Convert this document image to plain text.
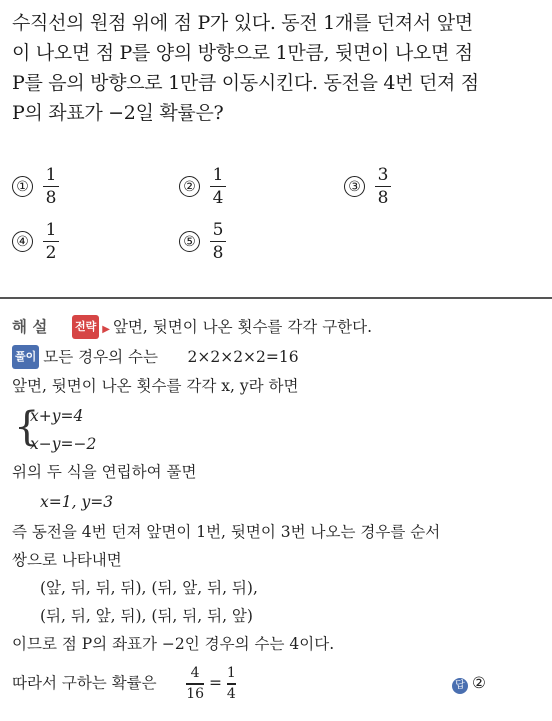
수직선의 원점 위에 점 P가 있다. 동전 1개를 던져서 앞면
이 나오면 점 P를 양의 방향으로 1만큼, 뒷면이 나오면 점
P를 음의 방향으로 1만큼 이동시킨다. 동전을 4번 던져 점
P의 좌표가 −2일 확률은?
① $\frac{1}{8}$	② $\frac{1}{4}$	③ $\frac{3}{8}$
④ $\frac{1}{2}$	⑤ $\frac{5}{8}$
해 설	전략 ▶ 앞면, 뒷면이 나온 횟수를 각각 구한다.
풀이 모든 경우의 수는 2×2×2×2=16
앞면, 뒷면이 나온 횟수를 각각 x, y라 하면
{
x+y=4
x−y=−2
위의 두 식을 연립하여 풀면
x=1, y=3
즉 동전을 4번 던져 앞면이 1번, 뒷면이 3번 나오는 경우를 순서
쌍으로 나타내면
(앞, 뒤, 뒤, 뒤), (뒤, 앞, 뒤, 뒤),
(뒤, 뒤, 앞, 뒤), (뒤, 뒤, 뒤, 앞)
이므로 점 P의 좌표가 −2인 경우의 수는 4이다.
따라서 구하는 확률은 $\frac{4}{16} = \frac{1}{4}$	답 ②
